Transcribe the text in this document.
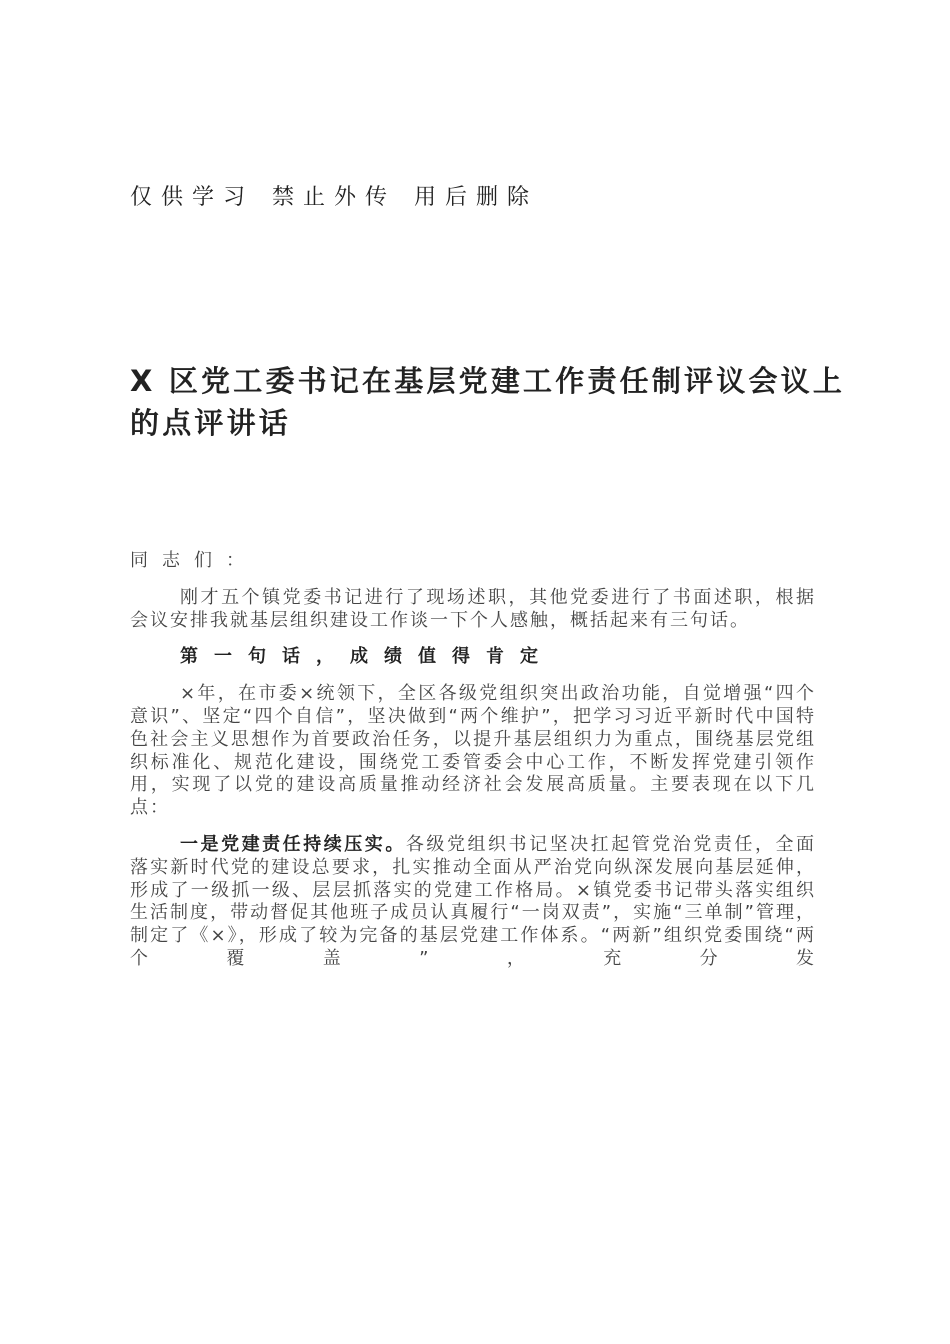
仅供学习 禁止外传 用后删除
X 区党工委书记在基层党建工作责任制评议会议上的点评讲话

同志们：

刚才五个镇党委书记进行了现场述职，其他党委进行了书面述职，根据会议安排我就基层组织建设工作谈一下个人感触，概括起来有三句话。

第一句话，成绩值得肯定

×年，在市委×统领下，全区各级党组织突出政治功能，自觉增强“四个意识”、坚定“四个自信”，坚决做到“两个维护”，把学习习近平新时代中国特色社会主义思想作为首要政治任务，以提升基层组织力为重点，围绕基层党组织标准化、规范化建设，围绕党工委管委会中心工作，不断发挥党建引领作用，实现了以党的建设高质量推动经济社会发展高质量。主要表现在以下几点：

一是党建责任持续压实。各级党组织书记坚决扛起管党治党责任，全面落实新时代党的建设总要求，扎实推动全面从严治党向纵深发展向基层延伸，形成了一级抓一级、层层抓落实的党建工作格局。×镇党委书记带头落实组织生活制度，带动督促其他班子成员认真履行“一岗双责”，实施“三单制”管理，制定了《×》，形成了较为完备的基层党建工作体系。“两新”组织党委围绕“两个覆盖”，充分发
